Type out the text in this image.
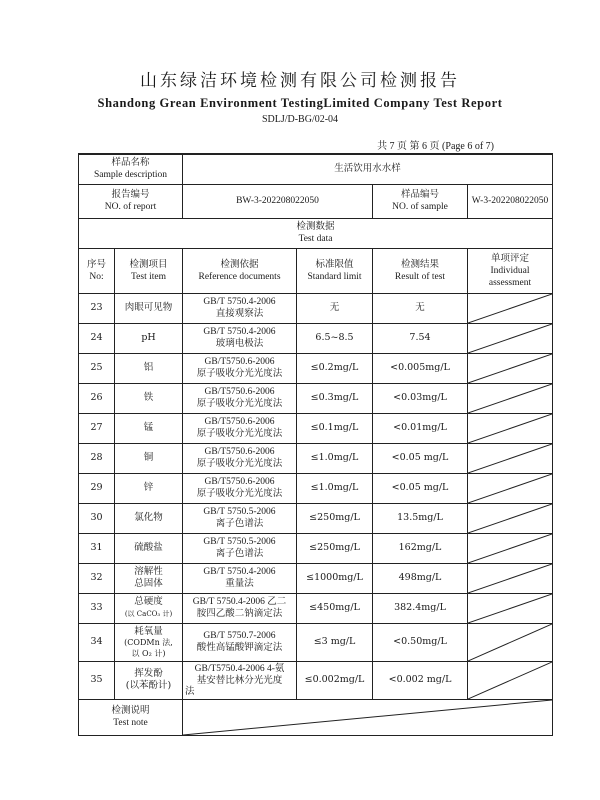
山东绿洁环境检测有限公司检测报告
Shandong Grean Environment TestingLimited Company Test Report
SDLJ/D-BG/02-04
共 7 页 第 6 页 (Page 6 of 7)
样品名称
Sample description		生活饮用水水样			

报告编号
NO. of report		BW-3-202208022050		样品编号
NO. of sample	W-3-202208022050

检测数据
Test data					

序号
No:	检测项目
Test item	检测依据
Reference documents	标准限值
Standard limit	检测结果
Result of test	单项评定
Individual
assessment

23	肉眼可见物	GB/T 5750.4-2006
直接观察法	无	无	

24	pH	GB/T 5750.4-2006
玻璃电极法	6.5~8.5	7.54	

25	铝	GB/T5750.6-2006
原子吸收分光光度法	≤0.2mg/L	<0.005mg/L	

26	铁	GB/T5750.6-2006
原子吸收分光光度法	≤0.3mg/L	<0.03mg/L	

27	锰	GB/T5750.6-2006
原子吸收分光光度法	≤0.1mg/L	<0.01mg/L	

28	铜	GB/T5750.6-2006
原子吸收分光光度法	≤1.0mg/L	<0.05 mg/L	

29	锌	GB/T5750.6-2006
原子吸收分光光度法	≤1.0mg/L	<0.05 mg/L	

30	氯化物	GB/T 5750.5-2006
离子色谱法	≤250mg/L	13.5mg/L	

31	硫酸盐	GB/T 5750.5-2006
离子色谱法	≤250mg/L	162mg/L	

32	溶解性
总固体	GB/T 5750.4-2006
重量法	≤1000mg/L	498mg/L	

33	总硬度
(以 CaCO₃ 计)	GB/T 5750.4-2006 乙二
胺四乙酸二钠滴定法	≤450mg/L	382.4mg/L	

34	耗氧量
(CODMn 法,
以 O₂ 计)	GB/T 5750.7-2006
酸性高锰酸钾滴定法	≤3 mg/L	<0.50mg/L	

35	挥发酚
(以苯酚计)	GB/T5750.4-2006 4-氨
基安替比林分光光度
法	≤0.002mg/L	<0.002 mg/L	

检测说明
Test note
